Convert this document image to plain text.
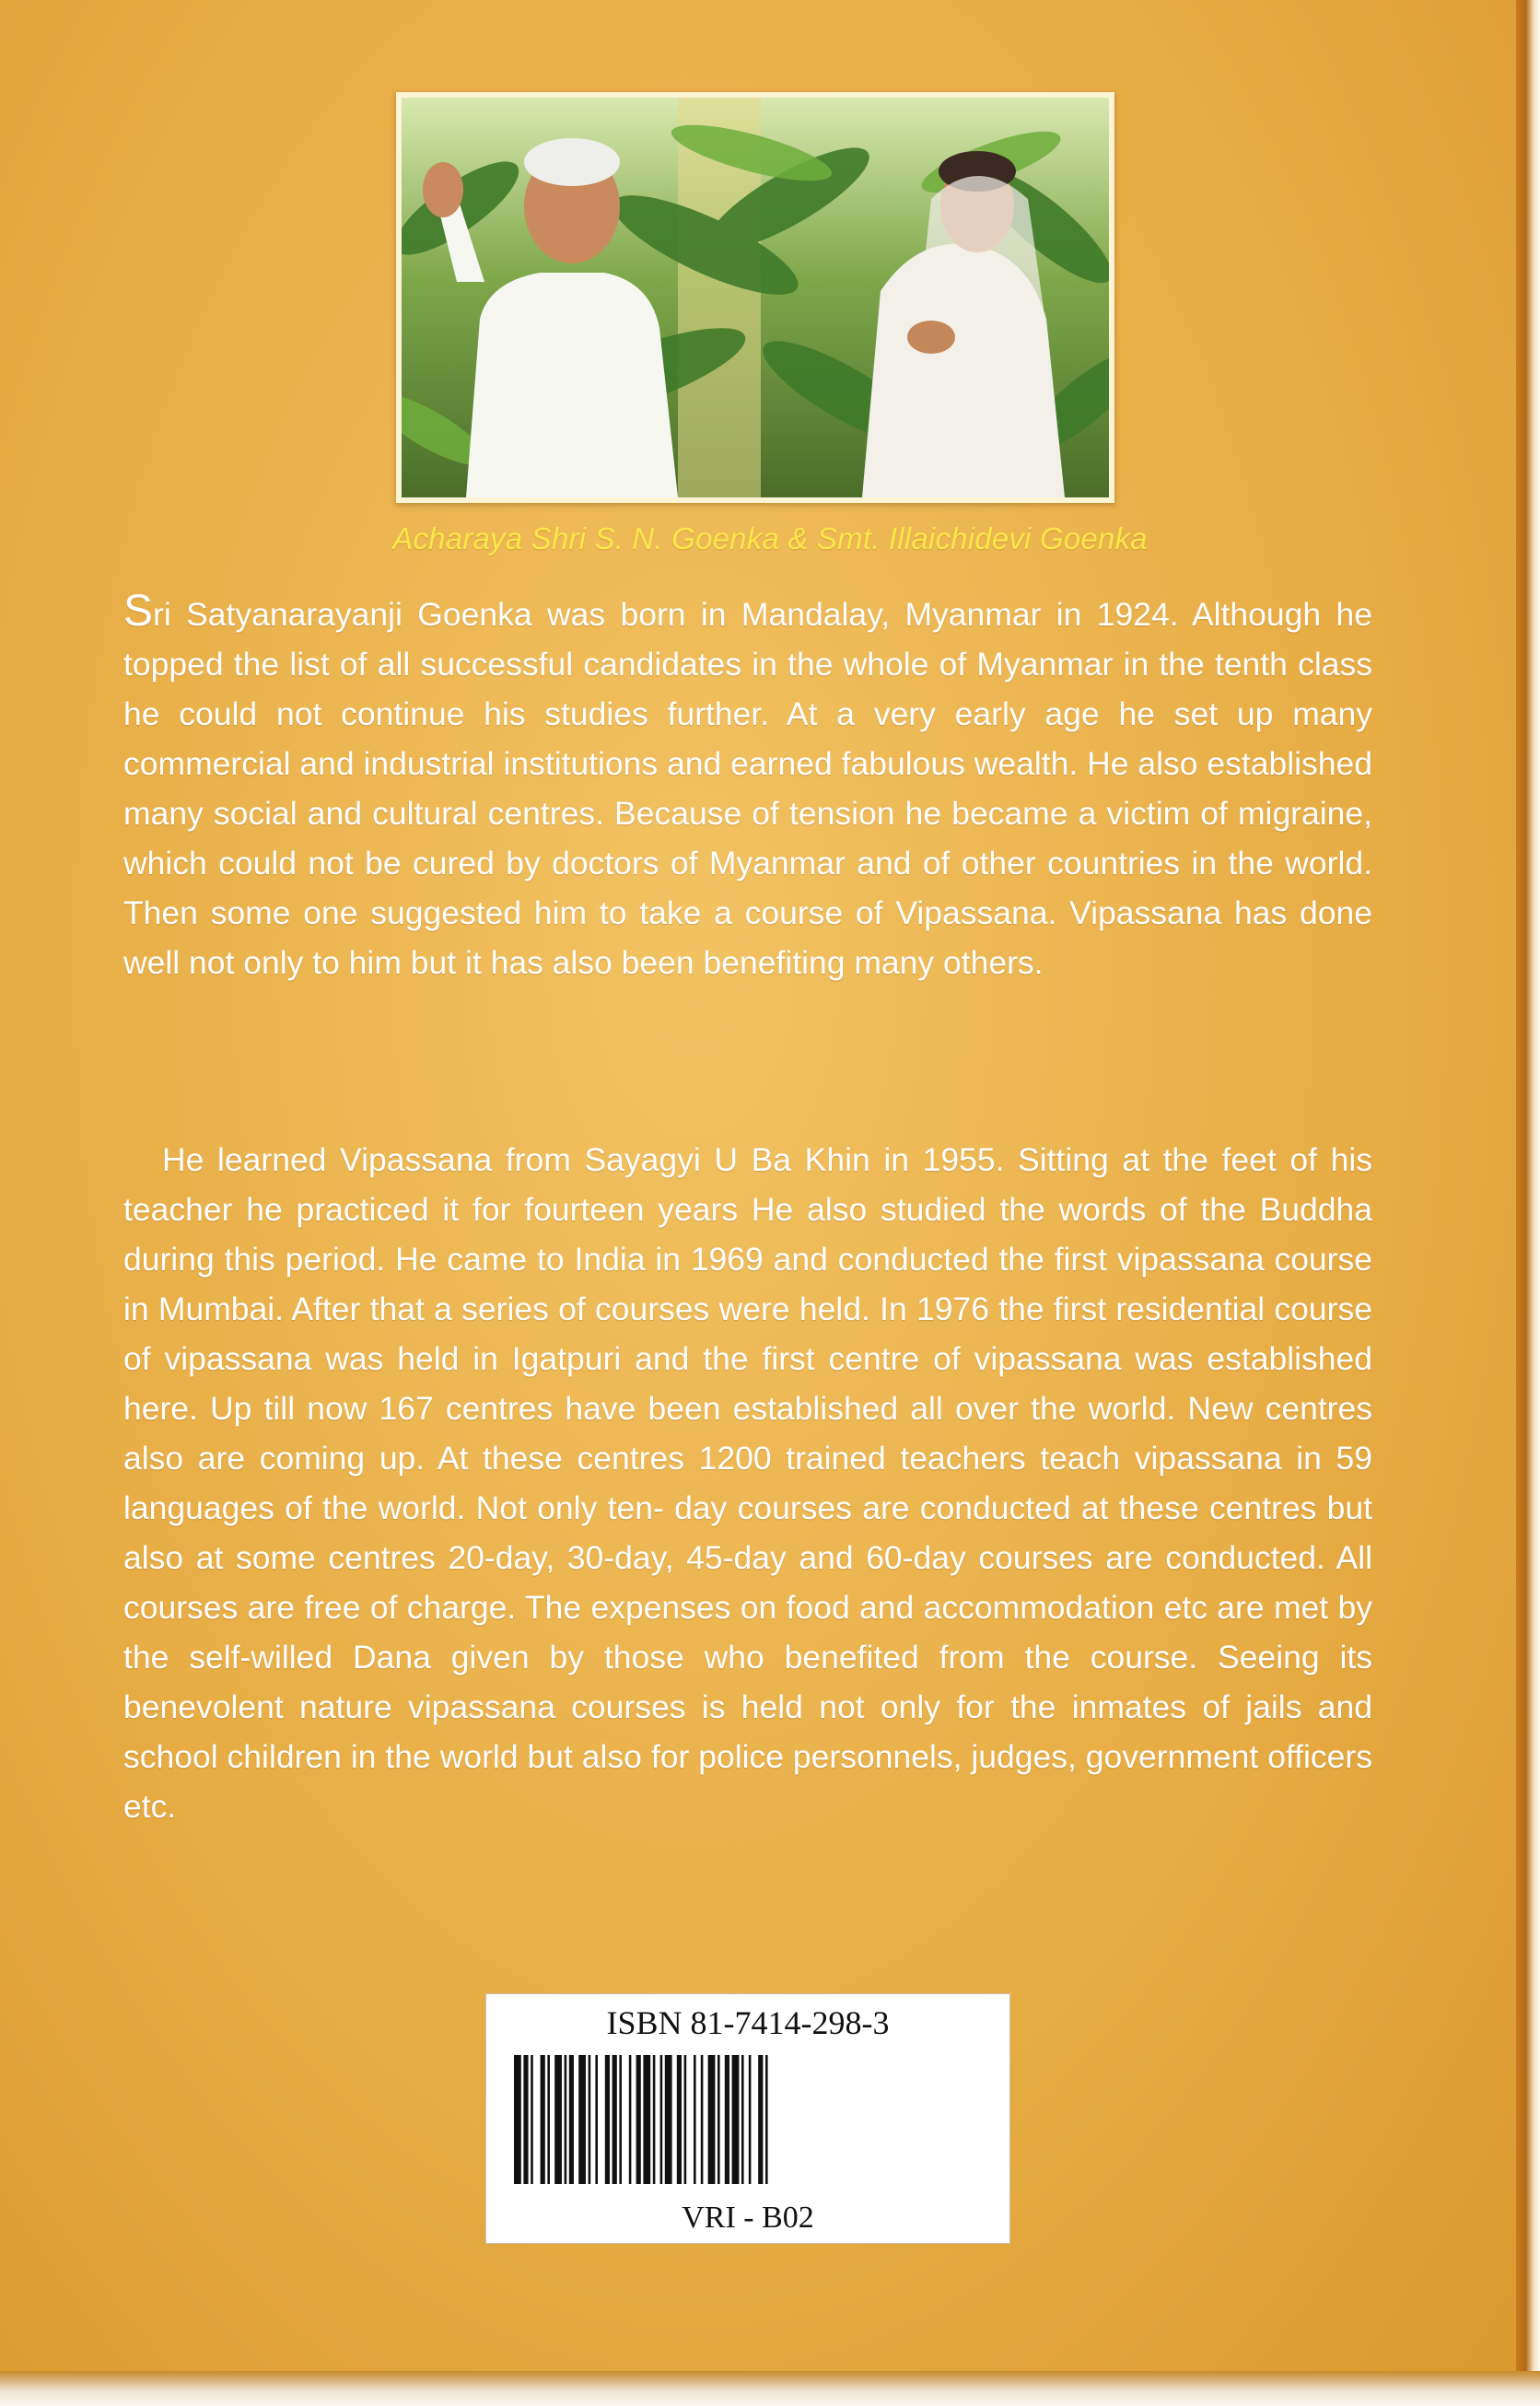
Acharaya Shri S. N. Goenka & Smt. Illaichidevi Goenka
Sri Satyanarayanji Goenka was born in Mandalay, Myanmar in 1924. Although he topped the list of all successful candidates in the whole of Myanmar in the tenth class he could not continue his studies further. At a very early age he set up many commercial and industrial institutions and earned fabulous wealth. He also established many social and cultural centres. Because of tension he became a victim of migraine, which could not be cured by doctors of Myanmar and of other countries in the world. Then some one suggested him to take a course of Vipassana. Vipassana has done well not only to him but it has also been benefiting many others.
He learned Vipassana from Sayagyi U Ba Khin in 1955. Sitting at the feet of his teacher he practiced it for fourteen years He also studied the words of the Buddha during this period. He came to India in 1969 and conducted the first vipassana course in Mumbai. After that a series of courses were held. In 1976 the first residential course of vipassana was held in Igatpuri and the first centre of vipassana was established here. Up till now 167 centres have been established all over the world. New centres also are coming up. At these centres 1200 trained teachers teach vipassana in 59 languages of the world. Not only ten- day courses are conducted at these centres but also at some centres 20-day, 30-day, 45-day and 60-day courses are conducted. All courses are free of charge. The expenses on food and accommodation etc are met by the self-willed Dana given by those who benefited from the course. Seeing its benevolent nature vipassana courses is held not only for the inmates of jails and school children in the world but also for police personnels, judges, government officers etc.
ISBN 81-7414-298-3
VRI - B02
